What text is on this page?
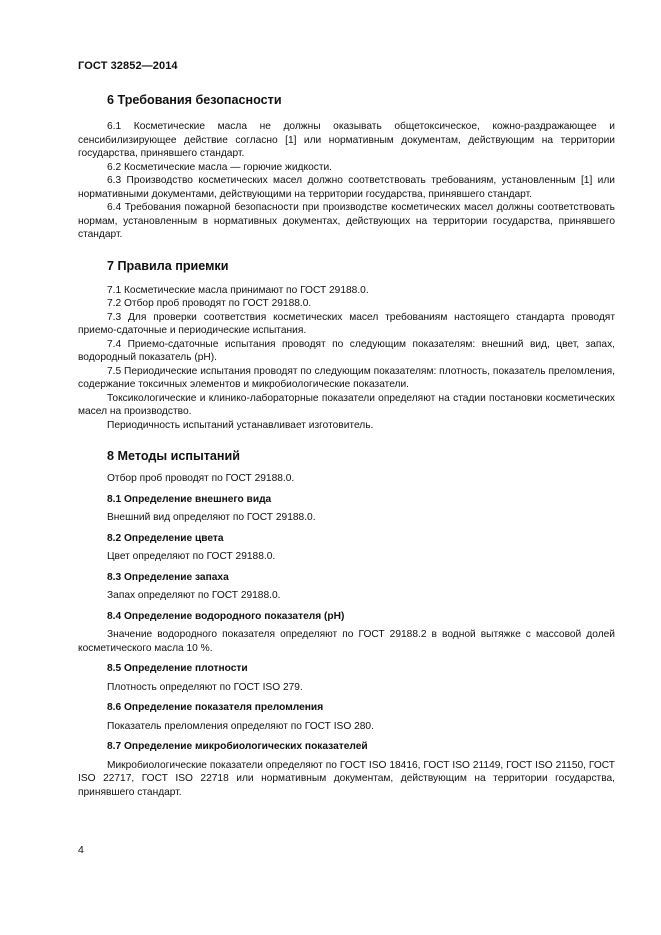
ГОСТ 32852—2014
6 Требования безопасности

6.1 Косметические масла не должны оказывать общетоксическое, кожно-раздражающее и сенсибилизирующее действие согласно [1] или нормативным документам, действующим на территории государства, принявшего стандарт.

6.2 Косметические масла — горючие жидкости.

6.3 Производство косметических масел должно соответствовать требованиям, установленным [1] или нормативными документами, действующими на территории государства, принявшего стандарт.

6.4 Требования пожарной безопасности при производстве косметических масел должны соответствовать нормам, установленным в нормативных документах, действующих на территории государства, принявшего стандарт.

7 Правила приемки

7.1 Косметические масла принимают по ГОСТ 29188.0.

7.2 Отбор проб проводят по ГОСТ 29188.0.

7.3 Для проверки соответствия косметических масел требованиям настоящего стандарта проводят приемо-сдаточные и периодические испытания.

7.4 Приемо-сдаточные испытания проводят по следующим показателям: внешний вид, цвет, запах, водородный показатель (pH).

7.5 Периодические испытания проводят по следующим показателям: плотность, показатель преломления, содержание токсичных элементов и микробиологические показатели.

Токсикологические и клинико-лабораторные показатели определяют на стадии постановки косметических масел на производство.

Периодичность испытаний устанавливает изготовитель.

8 Методы испытаний

Отбор проб проводят по ГОСТ 29188.0.

8.1 Определение внешнего вида

Внешний вид определяют по ГОСТ 29188.0.

8.2 Определение цвета

Цвет определяют по ГОСТ 29188.0.

8.3 Определение запаха

Запах определяют по ГОСТ 29188.0.

8.4 Определение водородного показателя (pH)

Значение водородного показателя определяют по ГОСТ 29188.2 в водной вытяжке с массовой долей косметического масла 10 %.

8.5 Определение плотности

Плотность определяют по ГОСТ ISO 279.

8.6 Определение показателя преломления

Показатель преломления определяют по ГОСТ ISO 280.

8.7 Определение микробиологических показателей

Микробиологические показатели определяют по ГОСТ ISO 18416, ГОСТ ISO 21149, ГОСТ ISO 21150, ГОСТ ISO 22717, ГОСТ ISO 22718 или нормативным документам, действующим на территории государства, принявшего стандарт.

4
